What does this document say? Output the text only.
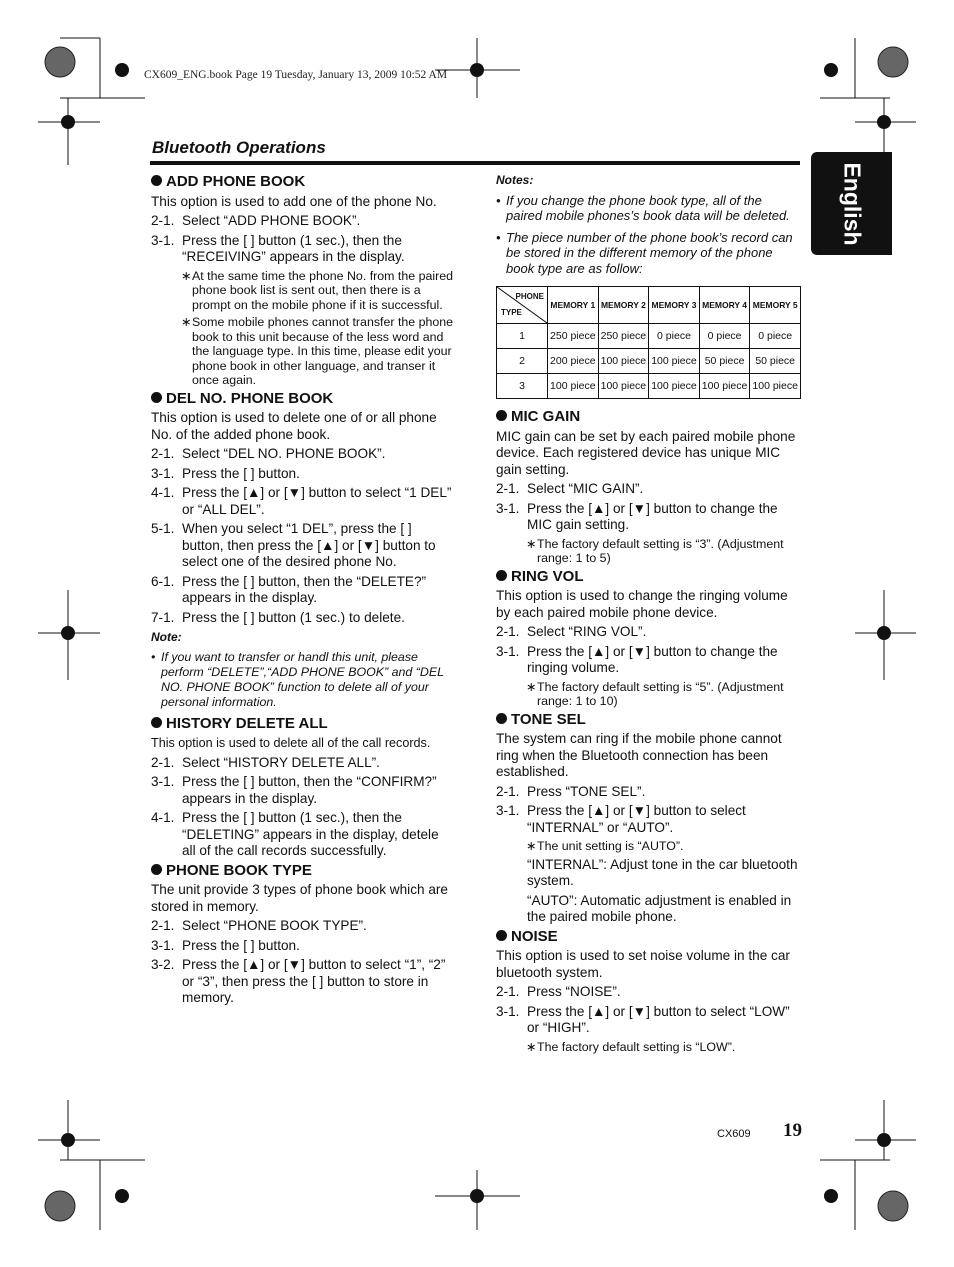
CX609_ENG.book Page 19 Tuesday, January 13, 2009 10:52 AM
Bluetooth Operations
English
ADD PHONE BOOK

This option is used to add one of the phone No.

2-1. Select “ADD PHONE BOOK”.
3-1. Press the [ ] button (1 sec.), then the “RECEIVING” appears in the display.
∗ At the same time the phone No. from the paired phone book list is sent out, then there is a prompt on the mobile phone if it is successful.
∗ Some mobile phones cannot transfer the phone book to this unit because of the less word and the language type. In this time, please edit your phone book in other language, and transer it once again.
DEL NO. PHONE BOOK

This option is used to delete one of or all phone No. of the added phone book.

2-1. Select “DEL NO. PHONE BOOK”.
3-1. Press the [ ] button.
4-1. Press the [▲] or [▼] button to select “1 DEL” or “ALL DEL”.
5-1. When you select “1 DEL”, press the [ ] button, then press the [▲] or [▼] button to select one of the desired phone No.
6-1. Press the [ ] button, then the “DELETE?” appears in the display.
7-1. Press the [ ] button (1 sec.) to delete.
Note:
• If you want to transfer or handl this unit, please perform “DELETE”,“ADD PHONE BOOK” and “DEL NO. PHONE BOOK” function to delete all of your personal information.
HISTORY DELETE ALL

This option is used to delete all of the call records.

2-1. Select “HISTORY DELETE ALL”.
3-1. Press the [ ] button, then the “CONFIRM?” appears in the display.
4-1. Press the [ ] button (1 sec.), then the “DELETING” appears in the display, detele all of the call records successfully.
PHONE BOOK TYPE

The unit provide 3 types of phone book which are stored in memory.

2-1. Select “PHONE BOOK TYPE”.
3-1. Press the [ ] button.
3-2. Press the [▲] or [▼] button to select “1”, “2” or “3”, then press the [ ] button to store in memory.
Notes:
• If you change the phone book type, all of the paired mobile phones’s book data will be deleted.
• The piece number of the phone book’s record can be stored in the different memory of the phone book type are as follow:
PHONE
TYPE	MEMORY 1	MEMORY 2	MEMORY 3	MEMORY 4	MEMORY 5
1	250 piece	250 piece	0 piece	0 piece	0 piece
2	200 piece	100 piece	100 piece	50 piece	50 piece
3	100 piece	100 piece	100 piece	100 piece	100 piece
MIC GAIN

MIC gain can be set by each paired mobile phone device. Each registered device has unique MIC gain setting.

2-1. Select “MIC GAIN”.
3-1. Press the [▲] or [▼] button to change the MIC gain setting.
∗ The factory default setting is “3”. (Adjustment range: 1 to 5)
RING VOL

This option is used to change the ringing volume by each paired mobile phone device.

2-1. Select “RING VOL”.
3-1. Press the [▲] or [▼] button to change the ringing volume.
∗ The factory default setting is “5”. (Adjustment range: 1 to 10)
TONE SEL

The system can ring if the mobile phone cannot ring when the Bluetooth connection has been established.

2-1. Press “TONE SEL”.
3-1. Press the [▲] or [▼] button to select “INTERNAL” or “AUTO”.
∗ The unit setting is “AUTO”.

“INTERNAL”: Adjust tone in the car bluetooth system.

“AUTO”: Automatic adjustment is enabled in the paired mobile phone.

NOISE

This option is used to set noise volume in the car bluetooth system.

2-1. Press “NOISE”.
3-1. Press the [▲] or [▼] button to select “LOW” or “HIGH”.
∗ The factory default setting is “LOW”.
CX609 19
